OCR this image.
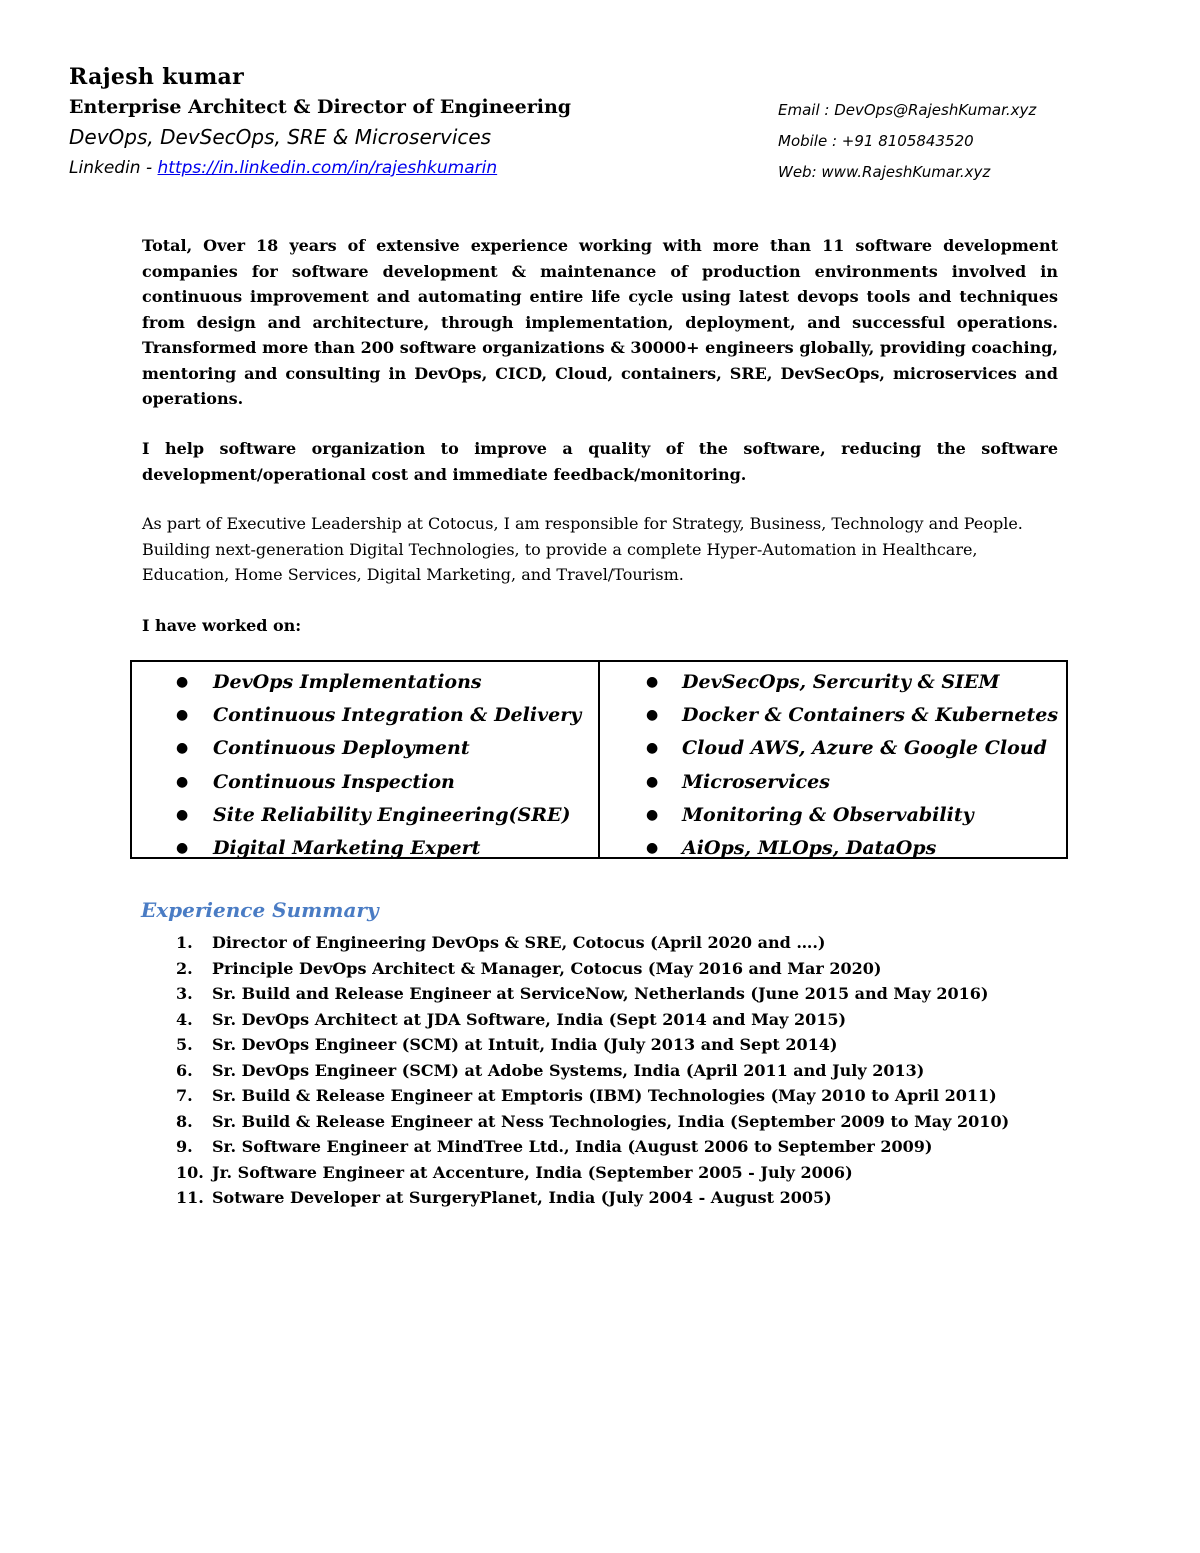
Rajesh kumar
Enterprise Architect & Director of Engineering
DevOps, DevSecOps, SRE & Microservices
Linkedin - https://in.linkedin.com/in/rajeshkumarin
Email : DevOps@RajeshKumar.xyz
Mobile : +91 8105843520
Web: www.RajeshKumar.xyz
Total, Over 18 years of extensive experience working with more than 11 software development companies for software development & maintenance of production environments involved in continuous improvement and automating entire life cycle using latest devops tools and techniques from design and architecture, through implementation, deployment, and successful operations. Transformed more than 200 software organizations & 30000+ engineers globally, providing coaching, mentoring and consulting in DevOps, CICD, Cloud, containers, SRE, DevSecOps, microservices and operations.
I help software organization to improve a quality of the software, reducing the software development/operational cost and immediate feedback/monitoring.
As part of Executive Leadership at Cotocus, I am responsible for Strategy, Business, Technology and People. Building next-generation Digital Technologies, to provide a complete Hyper-Automation in Healthcare, Education, Home Services, Digital Marketing, and Travel/Tourism.
I have worked on:
● DevOps Implementations
● Continuous Integration & Delivery
● Continuous Deployment
● Continuous Inspection
● Site Reliability Engineering(SRE)
● Digital Marketing Expert
● DevSecOps, Sercurity & SIEM
● Docker & Containers & Kubernetes
● Cloud AWS, Azure & Google Cloud
● Microservices
● Monitoring & Observability
● AiOps, MLOps, DataOps
Experience Summary
1.	Director of Engineering DevOps & SRE, Cotocus (April 2020 and ….)
2.	Principle DevOps Architect & Manager, Cotocus (May 2016 and Mar 2020)
3.	Sr. Build and Release Engineer at ServiceNow, Netherlands (June 2015 and May 2016)
4.	Sr. DevOps Architect at JDA Software, India (Sept 2014 and May 2015)
5.	Sr. DevOps Engineer (SCM) at Intuit, India (July 2013 and Sept 2014)
6.	Sr. DevOps Engineer (SCM) at Adobe Systems, India (April 2011 and July 2013)
7.	Sr. Build & Release Engineer at Emptoris (IBM) Technologies (May 2010 to April 2011)
8.	Sr. Build & Release Engineer at Ness Technologies, India (September 2009 to May 2010)
9.	Sr. Software Engineer at MindTree Ltd., India (August 2006 to September 2009)
10. Jr. Software Engineer at Accenture, India (September 2005 - July 2006)
11. Sotware Developer at SurgeryPlanet, India (July 2004 - August 2005)
